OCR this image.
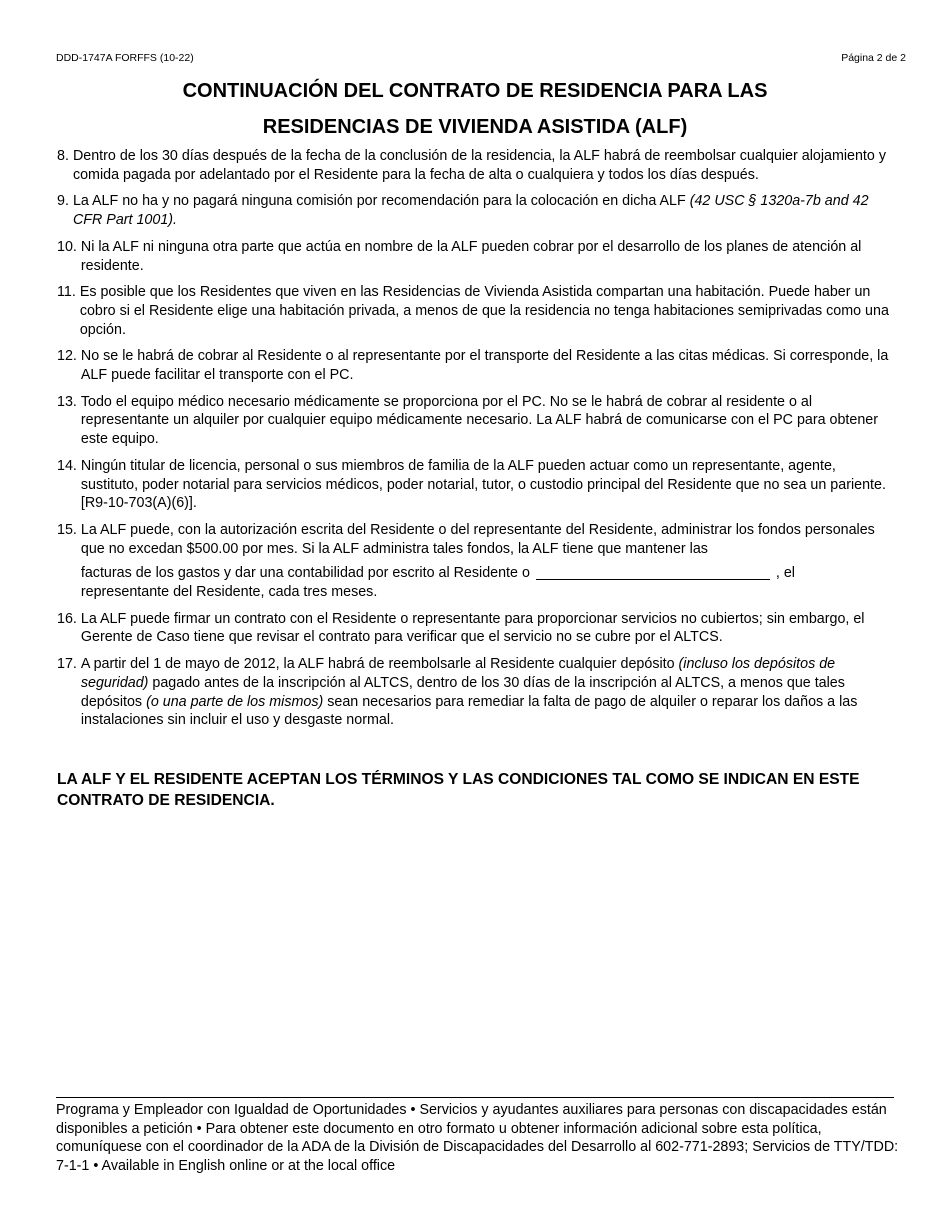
DDD-1747A FORFFS (10-22)	Página 2 de 2
CONTINUACIÓN DEL CONTRATO DE RESIDENCIA PARA LAS
RESIDENCIAS DE VIVIENDA ASISTIDA (ALF)
8. Dentro de los 30 días después de la fecha de la conclusión de la residencia, la ALF habrá de reembolsar cualquier alojamiento y comida pagada por adelantado por el Residente para la fecha de alta o cualquiera y todos los días después.
9. La ALF no ha y no pagará ninguna comisión por recomendación para la colocación en dicha ALF (42 USC § 1320a-7b and 42 CFR Part 1001).
10. Ni la ALF ni ninguna otra parte que actúa en nombre de la ALF pueden cobrar por el desarrollo de los planes de atención al residente.
11. Es posible que los Residentes que viven en las Residencias de Vivienda Asistida compartan una habitación. Puede haber un cobro si el Residente elige una habitación privada, a menos de que la residencia no tenga habitaciones semiprivadas como una opción.
12. No se le habrá de cobrar al Residente o al representante por el transporte del Residente a las citas médicas. Si corresponde, la ALF puede facilitar el transporte con el PC.
13. Todo el equipo médico necesario médicamente se proporciona por el PC. No se le habrá de cobrar al residente o al representante un alquiler por cualquier equipo médicamente necesario. La ALF habrá de comunicarse con el PC para obtener este equipo.
14. Ningún titular de licencia, personal o sus miembros de familia de la ALF pueden actuar como un representante, agente, sustituto, poder notarial para servicios médicos, poder notarial, tutor, o custodio principal del Residente que no sea un pariente. [R9-10-703(A)(6)].
15. La ALF puede, con la autorización escrita del Residente o del representante del Residente, administrar los fondos personales que no excedan $500.00 por mes. Si la ALF administra tales fondos, la ALF tiene que mantener las
facturas de los gastos y dar una contabilidad por escrito al Residente o	, el
representante del Residente, cada tres meses.
16. La ALF puede firmar un contrato con el Residente o representante para proporcionar servicios no cubiertos; sin embargo, el Gerente de Caso tiene que revisar el contrato para verificar que el servicio no se cubre por el ALTCS.
17. A partir del 1 de mayo de 2012, la ALF habrá de reembolsarle al Residente cualquier depósito (incluso los depósitos de seguridad) pagado antes de la inscripción al ALTCS, dentro de los 30 días de la inscripción al ALTCS, a menos que tales depósitos (o una parte de los mismos) sean necesarios para remediar la falta de pago de alquiler o reparar los daños a las instalaciones sin incluir el uso y desgaste normal.
LA ALF Y EL RESIDENTE ACEPTAN LOS TÉRMINOS Y LAS CONDICIONES TAL COMO SE INDICAN EN ESTE CONTRATO DE RESIDENCIA.
Programa y Empleador con Igualdad de Oportunidades • Servicios y ayudantes auxiliares para personas con discapacidades están disponibles a petición • Para obtener este documento en otro formato u obtener información adicional sobre esta política, comuníquese con el coordinador de la ADA de la División de Discapacidades del Desarrollo al 602-771-2893; Servicios de TTY/TDD: 7-1-1 • Available in English online or at the local office
